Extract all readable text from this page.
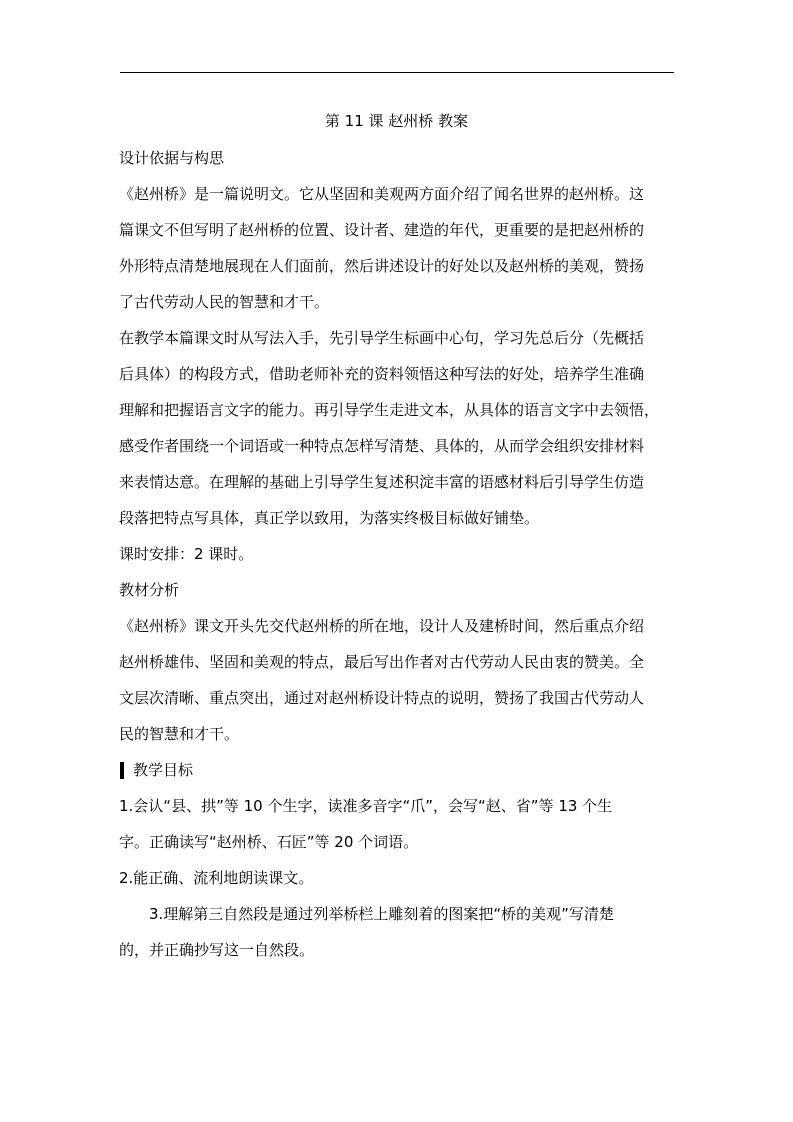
第 11 课 赵州桥 教案

设计依据与构思

《赵州桥》是一篇说明文。它从坚固和美观两方面介绍了闻名世界的赵州桥。这
篇课文不但写明了赵州桥的位置、设计者、建造的年代，更重要的是把赵州桥的
外形特点清楚地展现在人们面前，然后讲述设计的好处以及赵州桥的美观，赞扬
了古代劳动人民的智慧和才干。
在教学本篇课文时从写法入手，先引导学生标画中心句，学习先总后分（先概括
后具体）的构段方式，借助老师补充的资料领悟这种写法的好处，培养学生准确
理解和把握语言文字的能力。再引导学生走进文本，从具体的语言文字中去领悟，
感受作者围绕一个词语或一种特点怎样写清楚、具体的，从而学会组织安排材料
来表情达意。在理解的基础上引导学生复述积淀丰富的语感材料后引导学生仿造
段落把特点写具体，真正学以致用，为落实终极目标做好铺垫。

课时安排：2 课时。

教材分析

《赵州桥》课文开头先交代赵州桥的所在地，设计人及建桥时间，然后重点介绍
赵州桥雄伟、坚固和美观的特点，最后写出作者对古代劳动人民由衷的赞美。全
文层次清晰、重点突出，通过对赵州桥设计特点的说明，赞扬了我国古代劳动人
民的智慧和才干。
教学目标
1.会认“县、拱”等 10 个生字，读准多音字“爪”，会写“赵、省”等 13 个生
字。正确读写“赵州桥、石匠”等 20 个词语。

2.能正确、流利地朗读课文。

3.理解第三自然段是通过列举桥栏上雕刻着的图案把“桥的美观”写清楚
的，并正确抄写这一自然段。
